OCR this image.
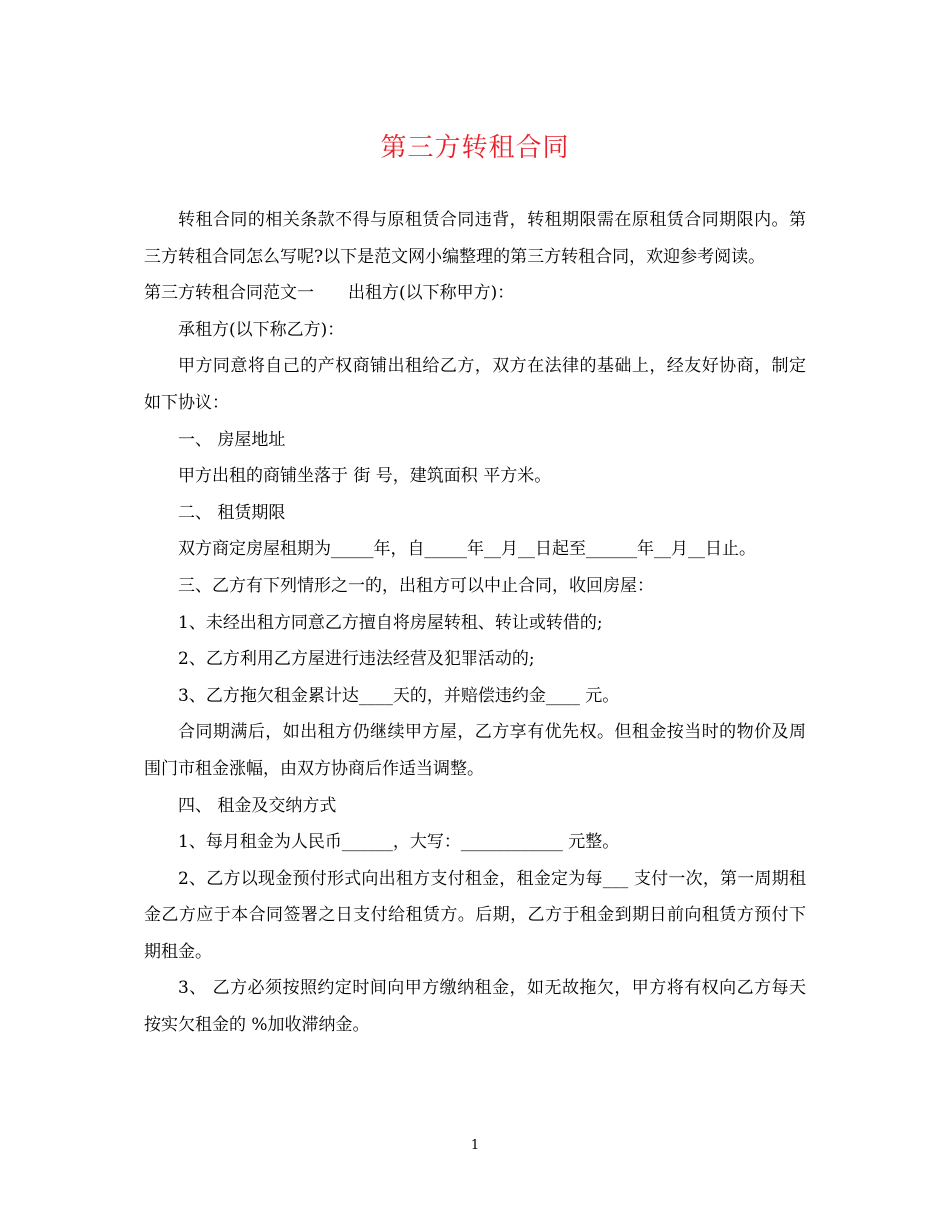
第三方转租合同

转租合同的相关条款不得与原租赁合同违背，转租期限需在原租赁合同期限内。第三方转租合同怎么写呢?以下是范文网小编整理的第三方转租合同，欢迎参考阅读。

第三方转租合同范文一　　出租方(以下称甲方)：

承租方(以下称乙方)：

甲方同意将自己的产权商铺出租给乙方，双方在法律的基础上，经友好协商，制定如下协议：

一、 房屋地址

甲方出租的商铺坐落于 街 号，建筑面积 平方米。

二、 租赁期限

双方商定房屋租期为_____年，自_____年__月__日起至______年__月__日止。

三、乙方有下列情形之一的，出租方可以中止合同，收回房屋：

1、未经出租方同意乙方擅自将房屋转租、转让或转借的;

2、乙方利用乙方屋进行违法经营及犯罪活动的;

3、乙方拖欠租金累计达____天的，并赔偿违约金____ 元。

合同期满后，如出租方仍继续甲方屋，乙方享有优先权。但租金按当时的物价及周围门市租金涨幅，由双方协商后作适当调整。

四、 租金及交纳方式

1、每月租金为人民币______，大写：____________ 元整。

2、乙方以现金预付形式向出租方支付租金，租金定为每___ 支付一次，第一周期租金乙方应于本合同签署之日支付给租赁方。后期，乙方于租金到期日前向租赁方预付下期租金。

3、 乙方必须按照约定时间向甲方缴纳租金，如无故拖欠，甲方将有权向乙方每天按实欠租金的 %加收滞纳金。

1
